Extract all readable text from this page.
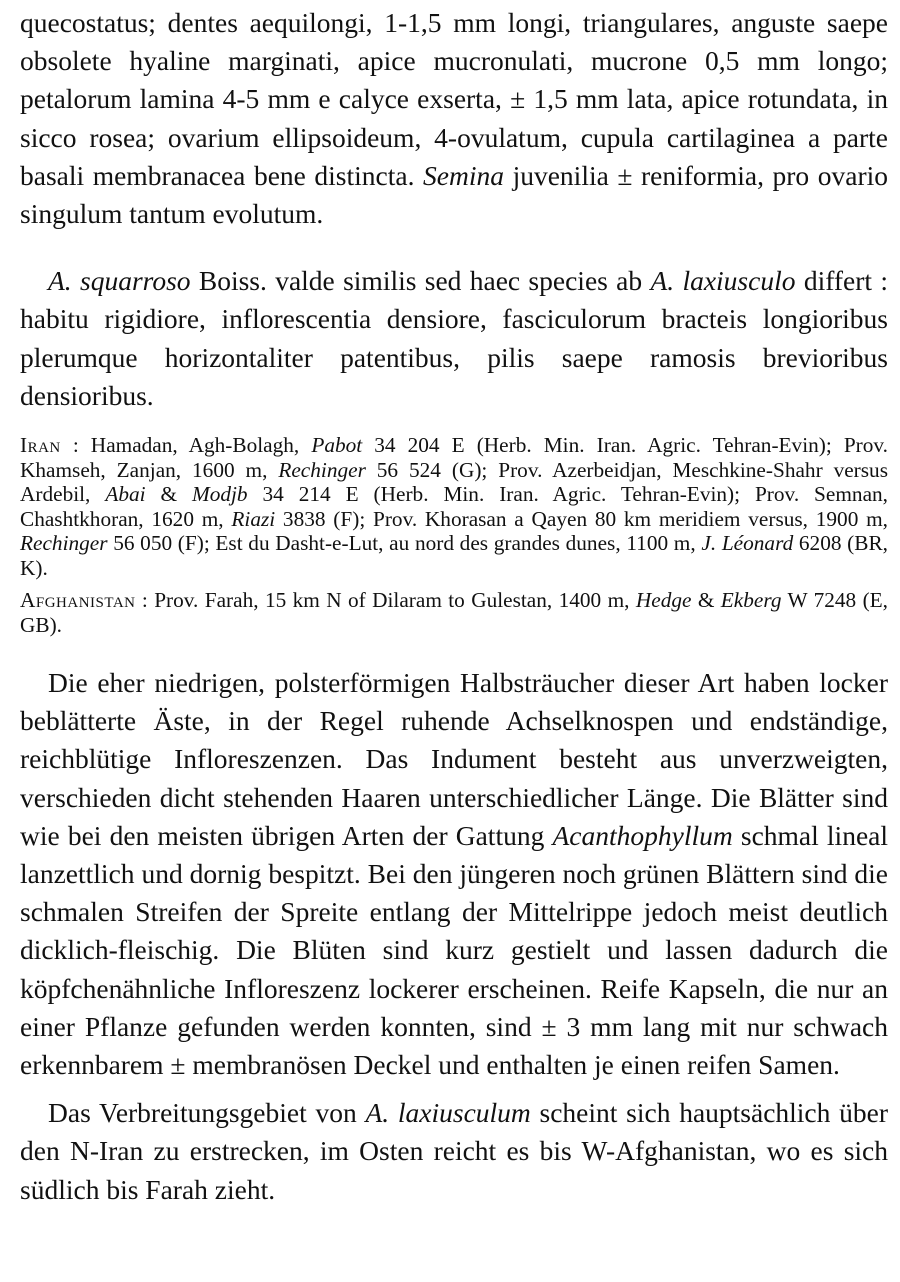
quecostatus; dentes aequilongi, 1-1,5 mm longi, triangulares, anguste saepe obsolete hyaline marginati, apice mucronulati, mucrone 0,5 mm longo; petalorum lamina 4-5 mm e calyce exserta, ± 1,5 mm lata, apice rotundata, in sicco rosea; ovarium ellipsoideum, 4-ovulatum, cupula cartilaginea a parte basali membranacea bene distincta. Semina juvenilia ± reniformia, pro ovario singulum tantum evolutum.

A. squarroso Boiss. valde similis sed haec species ab A. laxiusculo differt : habitu rigidiore, inflorescentia densiore, fasciculorum bracteis longioribus plerumque horizontaliter patentibus, pilis saepe ramosis brevioribus densioribus.

Iran : Hamadan, Agh-Bolagh, Pabot 34 204 E (Herb. Min. Iran. Agric. Tehran-Evin); Prov. Khamseh, Zanjan, 1600 m, Rechinger 56 524 (G); Prov. Azerbeidjan, Meschkine-Shahr versus Ardebil, Abai & Modjb 34 214 E (Herb. Min. Iran. Agric. Tehran-Evin); Prov. Semnan, Chashtkhoran, 1620 m, Riazi 3838 (F); Prov. Khorasan a Qayen 80 km meridiem versus, 1900 m, Rechinger 56 050 (F); Est du Dasht-e-Lut, au nord des grandes dunes, 1100 m, J. Léonard 6208 (BR, K).

Afghanistan : Prov. Farah, 15 km N of Dilaram to Gulestan, 1400 m, Hedge & Ekberg W 7248 (E, GB).

Die eher niedrigen, polsterförmigen Halbsträucher dieser Art haben locker beblätterte Äste, in der Regel ruhende Achselknospen und endständige, reichblütige Infloreszenzen. Das Indument besteht aus unverzweigten, verschieden dicht stehenden Haaren unterschiedlicher Länge. Die Blätter sind wie bei den meisten übrigen Arten der Gattung Acanthophyllum schmal lineal lanzettlich und dornig bespitzt. Bei den jüngeren noch grünen Blättern sind die schmalen Streifen der Spreite entlang der Mittelrippe jedoch meist deutlich dicklich-fleischig. Die Blüten sind kurz gestielt und lassen dadurch die köpfchenähnliche Infloreszenz lockerer erscheinen. Reife Kapseln, die nur an einer Pflanze gefunden werden konnten, sind ± 3 mm lang mit nur schwach erkennbarem ± membranösen Deckel und enthalten je einen reifen Samen.

Das Verbreitungsgebiet von A. laxiusculum scheint sich hauptsächlich über den N-Iran zu erstrecken, im Osten reicht es bis W-Afghanistan, wo es sich südlich bis Farah zieht.
